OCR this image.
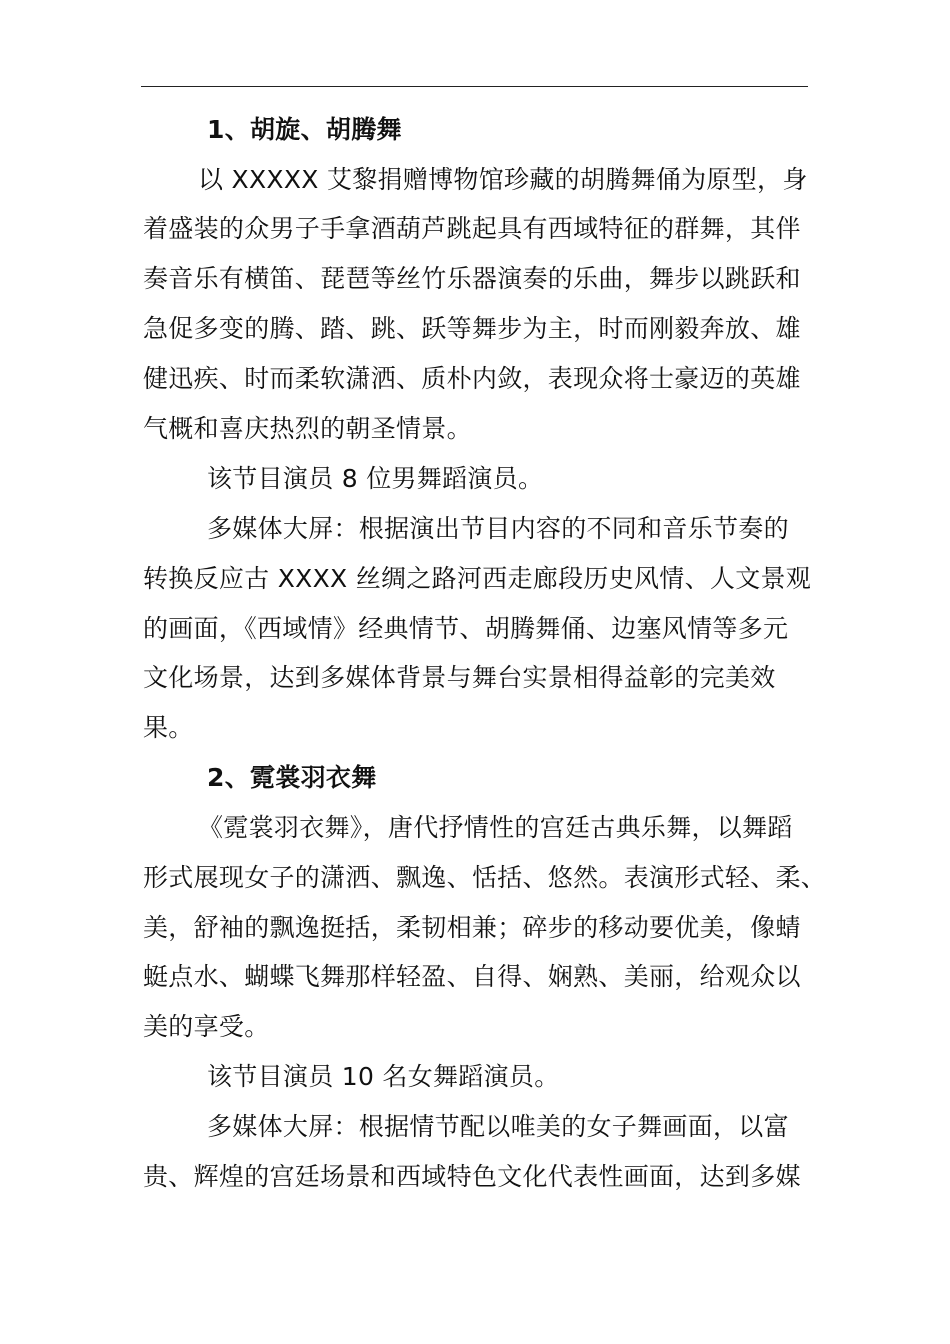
1、胡旋、胡腾舞
以 XXXXX 艾黎捐赠博物馆珍藏的胡腾舞俑为原型，身
着盛装的众男子手拿酒葫芦跳起具有西域特征的群舞，其伴
奏音乐有横笛、琵琶等丝竹乐器演奏的乐曲，舞步以跳跃和
急促多变的腾、踏、跳、跃等舞步为主，时而刚毅奔放、雄
健迅疾、时而柔软潇洒、质朴内敛，表现众将士豪迈的英雄
气概和喜庆热烈的朝圣情景。
该节目演员 8 位男舞蹈演员。
多媒体大屏：根据演出节目内容的不同和音乐节奏的
转换反应古 XXXX 丝绸之路河西走廊段历史风情、人文景观
的画面，《西域情》经典情节、胡腾舞俑、边塞风情等多元
文化场景，达到多媒体背景与舞台实景相得益彰的完美效
果。
2、霓裳羽衣舞
《霓裳羽衣舞》，唐代抒情性的宫廷古典乐舞，以舞蹈
形式展现女子的潇洒、飘逸、恬括、悠然。表演形式轻、柔、
美，舒袖的飘逸挺括，柔韧相兼；碎步的移动要优美，像蜻
蜓点水、蝴蝶飞舞那样轻盈、自得、娴熟、美丽，给观众以
美的享受。
该节目演员 10 名女舞蹈演员。
多媒体大屏：根据情节配以唯美的女子舞画面，以富
贵、辉煌的宫廷场景和西域特色文化代表性画面，达到多媒
